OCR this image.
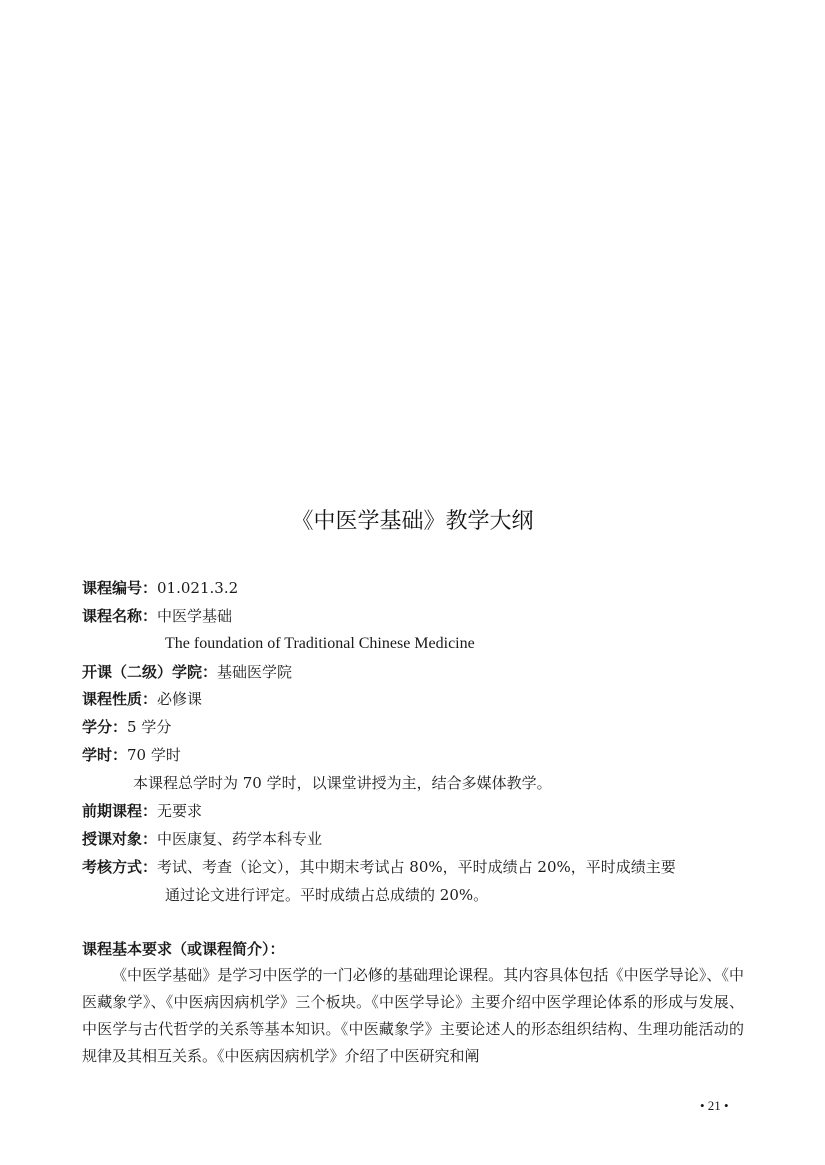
《中医学基础》教学大纲
课程编号：01.021.3.2
课程名称：中医学基础
The foundation of Traditional Chinese Medicine
开课（二级）学院：基础医学院
课程性质：必修课
学分：5 学分
学时：70 学时
本课程总学时为 70 学时，以课堂讲授为主，结合多媒体教学。
前期课程：无要求
授课对象：中医康复、药学本科专业
考核方式：考试、考查（论文），其中期末考试占 80%，平时成绩占 20%，平时成绩主要
通过论文进行评定。平时成绩占总成绩的 20%。
课程基本要求（或课程简介）：
《中医学基础》是学习中医学的一门必修的基础理论课程。其内容具体包括《中医学导论》、《中医藏象学》、《中医病因病机学》三个板块。《中医学导论》主要介绍中医学理论体系的形成与发展、中医学与古代哲学的关系等基本知识。《中医藏象学》主要论述人的形态组织结构、生理功能活动的规律及其相互关系。《中医病因病机学》介绍了中医研究和阐
• 21 •
